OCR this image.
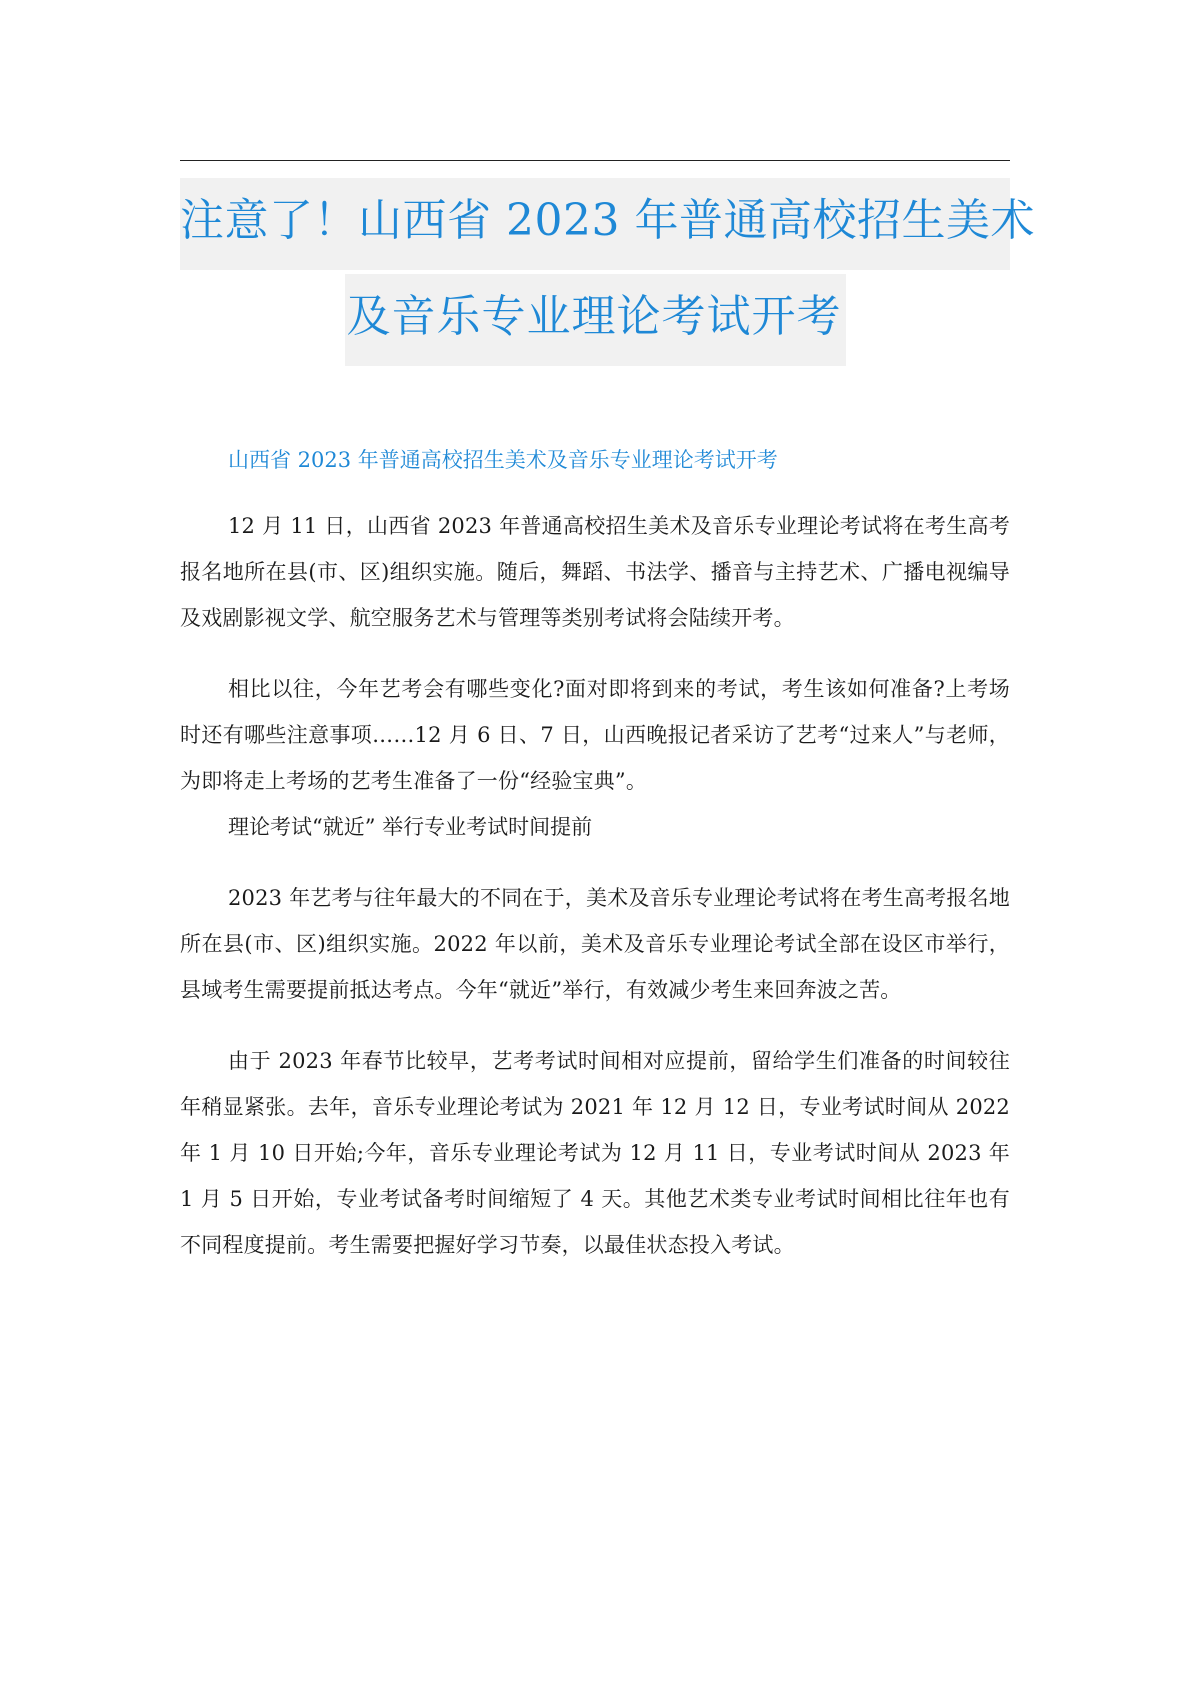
注意了！山西省 2023 年普通高校招生美术 及音乐专业理论考试开考

山西省 2023 年普通高校招生美术及音乐专业理论考试开考

12 月 11 日，山西省 2023 年普通高校招生美术及音乐专业理论考试将在考生高考报名地所在县(市、区)组织实施。随后，舞蹈、书法学、播音与主持艺术、广播电视编导及戏剧影视文学、航空服务艺术与管理等类别考试将会陆续开考。

相比以往，今年艺考会有哪些变化?面对即将到来的考试，考生该如何准备?上考场时还有哪些注意事项……12 月 6 日、7 日，山西晚报记者采访了艺考“过来人”与老师，为即将走上考场的艺考生准备了一份“经验宝典”。

理论考试“就近” 举行专业考试时间提前

2023 年艺考与往年最大的不同在于，美术及音乐专业理论考试将在考生高考报名地所在县(市、区)组织实施。2022 年以前，美术及音乐专业理论考试全部在设区市举行，县域考生需要提前抵达考点。今年“就近”举行，有效减少考生来回奔波之苦。

由于 2023 年春节比较早，艺考考试时间相对应提前，留给学生们准备的时间较往年稍显紧张。去年，音乐专业理论考试为 2021 年 12 月 12 日，专业考试时间从 2022 年 1 月 10 日开始;今年，音乐专业理论考试为 12 月 11 日，专业考试时间从 2023 年 1 月 5 日开始，专业考试备考时间缩短了 4 天。其他艺术类专业考试时间相比往年也有不同程度提前。考生需要把握好学习节奏，以最佳状态投入考试。
